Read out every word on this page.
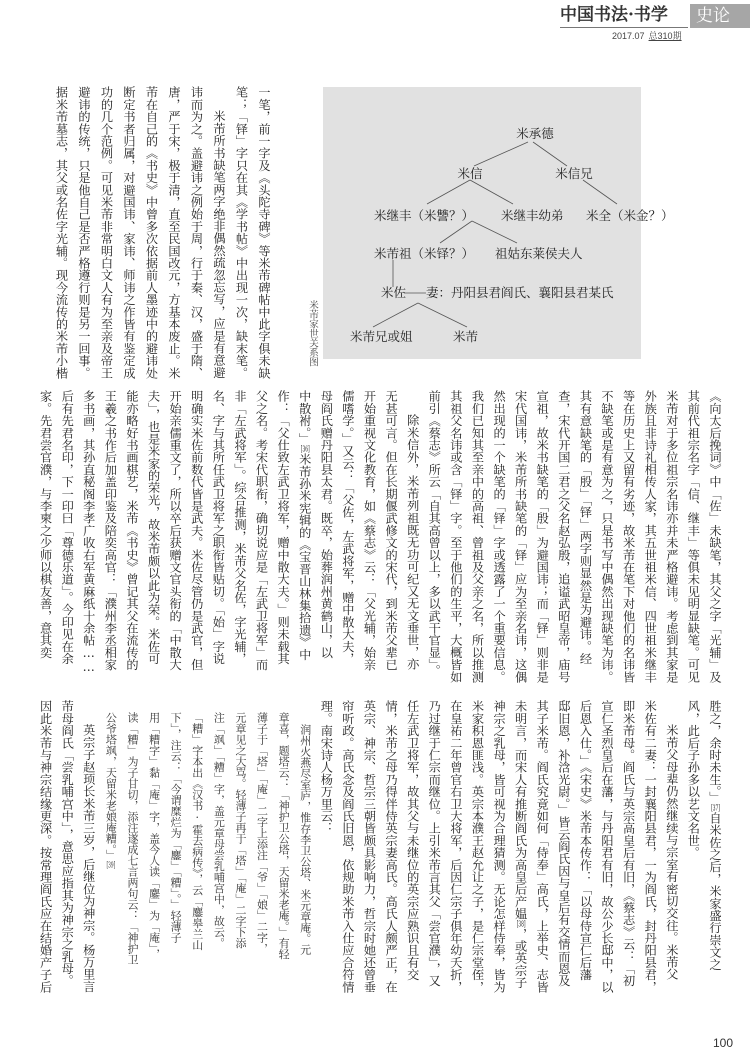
中国书法·书学	史论
2017.07 总310期
一笔，前一字及《头陀寺碑》等米芾碑帖中此字俱未缺
笔；「铎」字只在其《学书帖》中出现一次，缺末笔。
米芾所书缺笔两字绝非偶然疏忽忘写，应是有意避
讳而为之。盖避讳之例始于周，行于秦、汉，盛于隋、
唐，严于宋，极于清，直至民国改元，方基本废止。米
芾在自己的《书史》中曾多次依据前人墨迹中的避讳处
断定书者归属，对避国讳、家讳、师讳之作皆有鉴定成
功的几个范例。可见米芾非常明白文人有为至亲及帝王
避讳的传统，只是他自己是否严格遵行则是另一回事。
据米芾墓志，其父或名佐字光辅。现今流传的米芾小楷	米承德
米信	米信兄
米继丰（米讐？） 米继丰幼弟 米全（米金？）
米芾祖（米铎？） 祖姑东莱侯夫人
米佐 妻：丹阳县君阎氏、襄阳县君某氏
米芾兄或姐	米芾
米芾家世关系图
《向太后挽词》中「佐」未缺笔，其父之字「光辅」及
其前代祖宗名字「信、继丰」等俱未见明显缺笔。可见
米芾对于多位祖宗名讳亦并未严格避讳。考虑到其家是
外族且非诗礼相传人家，其五世祖米信、四世祖米继丰
等在历史上又留有劣迹，故米芾在笔下对他们的名讳皆
不缺笔或是有意为之，只是书写中偶然出现缺笔为讳。
其有意缺笔的「殷」「铎」两字则显然是为避讳。经
查，宋代开国二君之父名赵弘殷，追谥武昭皇帝，庙号
宣祖，故米书缺笔的「殷」为避国讳；而「铎」则非是
宋代国讳，米芾所书缺笔的「铎」应为至亲名讳，这偶
然出现的一个缺笔的「铎」字或透露了一个重要信息。
我们已知其至亲中的高祖、曾祖及父亲之名，所以推测
其祖父名讳或含「铎」字。至于他们的生平，大概皆如
前引《蔡志》所云「自其高曾以上，多以武干官显」。
除米信外，米芾列祖既无功可纪又无文垂世，亦
无甚可言。但在长期偃武修文的宋代，到米芾父辈已
开始重视文化教育，如《蔡志》云：「父光辅，始亲
儒嗜学。」又云：「父佐，左武将军，赠中散大夫，
母阎氏赠丹阳县太君。既卒，始葬润州黄鹤山，以
中散袝。」[36]米芾孙米宪辑的《宝晋山林集拾遗》中
作：「父仕致左武卫将军，赠中散大夫。」则未载其
父之名。考宋代职衔，确切说应是「左武卫将军」而
非「左武将军」。综合推测，米芾父名佐，字光辅，
名、字与其所任武卫将军之职衔皆贴切。「始」字说
明确实米佐前数代皆是武夫。米佐尽管仍是武官，但
开始亲儒重文了，所以卒后获赠文官头衔的「中散大
夫」，也是米家的荣光，故米芾颇以此为荣。米佐可
能亦略好书画棋艺，米芾《书史》曾记其父在流传的
王羲之书作后加盖印鉴及陪奕高官：「濮州李丞相家
多书画，其孙直秘阁李孝广收右军黄麻纸十余帖……
后有先君名印，下一印曰「尊德乐道」。今印见在余
家。先君尝官濮，与李柬之少师以棋友善，意其奕
胜之，余时未生。」[37]自米佐之后，米家盛行崇文之
风，此后子孙多以艺文名世。
米芾父母辈仍然继续与宗室有密切交往。米芾父
米佐有二妻：一封襄阳县君，一为阎氏，封丹阳县君，
即米芾母。阎氏与英宗高皇后有旧，《蔡志》云：「初
宣仁圣烈皇后在藩，与丹阳君有旧，故公少长邸中，以
后恩入仕。」《宋史》米芾本传作：「以母侍宣仁后藩
邸旧恩，补浛光尉。」皆云阎氏因与皇后有交情而恩及
其子米芾。阎氏究竟如何「侍奉」高氏，上举史、志皆
未明言，而宋人有推断阎氏为高皇后产媪[38]，或英宗子
神宗之乳母，皆可视为合理猜测。无论怎样侍奉，皆为
米家积恩匪浅。英宗本濮王赵允让之子，是仁宗堂侄，
在皇祐二年曾官右卫大将军，后因仁宗子俱年幼夭折，
乃过继于仁宗而继位。上引米芾言其父「尝官濮」，又
任左武卫将军，故其父与未继位的英宗应熟识且有交
情，米芾之母乃得伴侍英宗妻高氏。高氏人颇严正，在
英宗、神宗、哲宗三朝皆颇具影响力，哲宗时她还曾垂
帘听政。高氏念及阎氏旧恩，依规助米芾入仕应合符情
理。南宋诗人杨万里云：
润州火燕尽室庐，惟存李卫公塔、米元章庵。元
章喜，题塔云：「神护卫公塔，天留米老庵。」有轻
薄子于「塔」「庵」二字上添注「爷」「娘」二字，
元章见之大骂。轻薄子再于「塔」「庵」二字下添
注「飒」「糟」字，盖元章母尝乳哺宫中，故云。
「糟」字本出《汉书·霍去病传》，云「鏖皋兰山
下」，注云：「今谓糜烂为「鏖」「糟」。」轻薄子
用「糟字」黏「庵」字，盖今人读「鏖」为「庵」，
读「糟」为子甘切，添注遂成七言两句云：「神护卫
公爷塔飒，天留米老娘庵糟。」[39]
英宗子赵顼长米芾三岁，后继位为神宗。杨万里言
芾母阎氏「尝乳哺宫中」，意思应指其为神宗之乳母。
因此米芾与神宗结缘更深。按常理阎氏应在结婚产子后
100
